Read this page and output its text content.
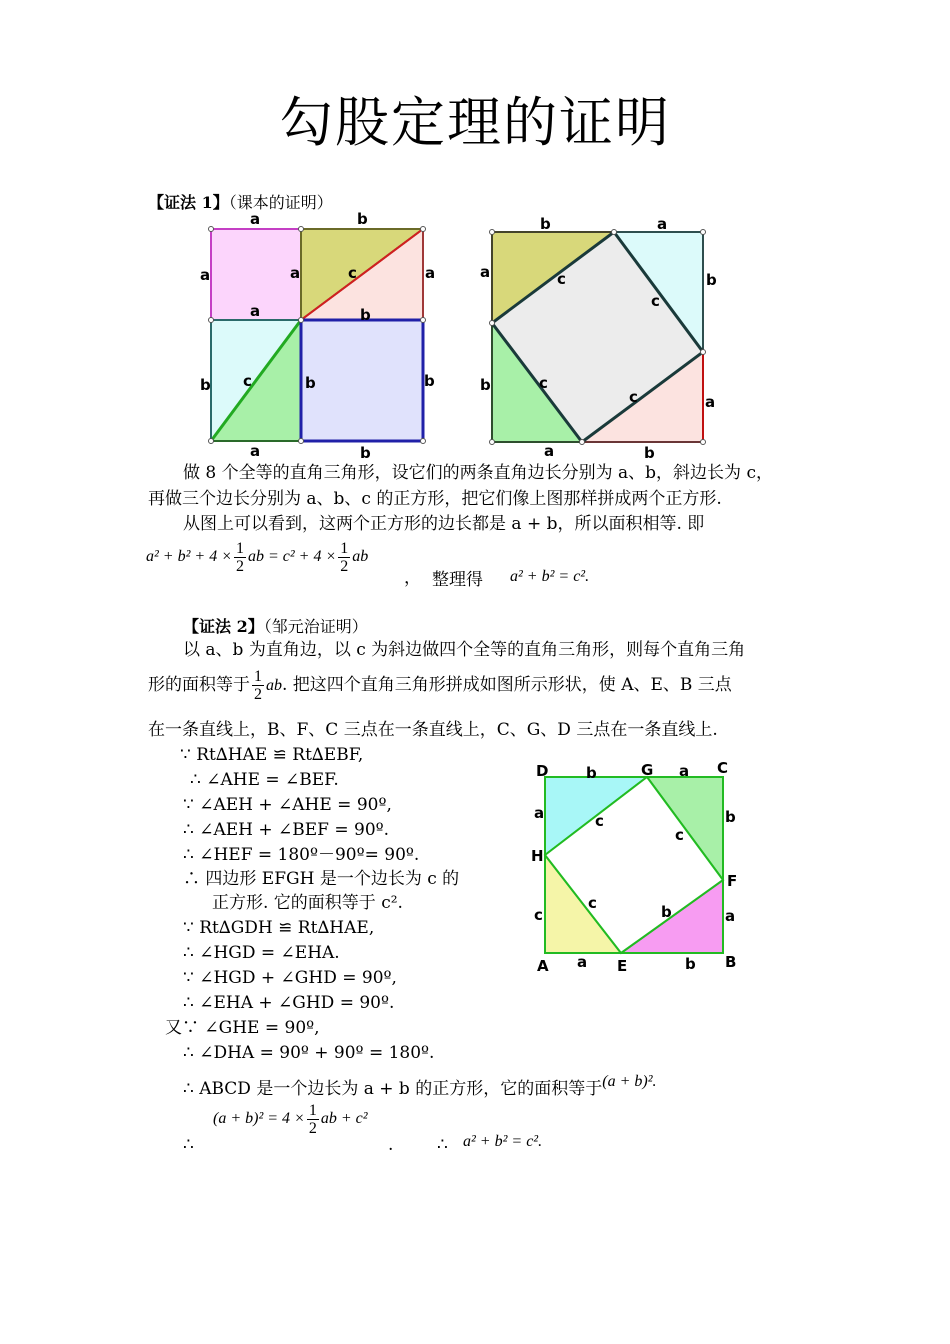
勾股定理的证明
【证法 1】（课本的证明）
a	b
a	a	c	a
a	b
b c	b	b
a	b
b	a
a	c
c
b
b	c
c	a
a	b
做 8 个全等的直角三角形，设它们的两条直角边长分别为 a、b，斜边长为 c，
再做三个边长分别为 a、b、c 的正方形，把它们像上图那样拼成两个正方形.
从图上可以看到，这两个正方形的边长都是 a + b，所以面积相等. 即
$a^2 + b^2 + 4 \times \frac{1}{2}$ ab = $c^2 + 4 \times \frac{1}{2}$ ab
， 整理得 a² + b² = c².
【证法 2】（邹元治证明）
以 a、b 为直角边，以 c 为斜边做四个全等的直角三角形，则每个直角三角
形的面积等于 $\frac{1}{2}$ ab. 把这四个直角三角形拼成如图所示形状，使 A、E、B 三点
在一条直线上，B、F、C 三点在一条直线上，C、G、D 三点在一条直线上.
∵ Rt∆HAE ≌ Rt∆EBF,
∴ ∠AHE = ∠BEF.
∵ ∠AEH + ∠AHE = 90º,
∴ ∠AEH + ∠BEF = 90º.
∴ ∠HEF = 180º－90º= 90º.
∴ 四边形 EFGH 是一个边长为 c 的
正方形. 它的面积等于 c².
∵ Rt∆GDH ≌ Rt∆HAE,
∴ ∠HGD = ∠EHA.
∵ ∠HGD + ∠GHD = 90º,
∴ ∠EHA + ∠GHD = 90º.
又∵ ∠GHE = 90º,
∴ ∠DHA = 90º + 90º = 180º.
D	G	C
H
F
A	E	B
b	a
a	c
c
b
c
c	b	a
a	b
∴ ABCD 是一个边长为 a + b 的正方形，它的面积等于(a + b)².
$(a + b)^2 = 4 \times \frac{1}{2}$ ab + c²
∴	.	∴ a² + b² = c².
